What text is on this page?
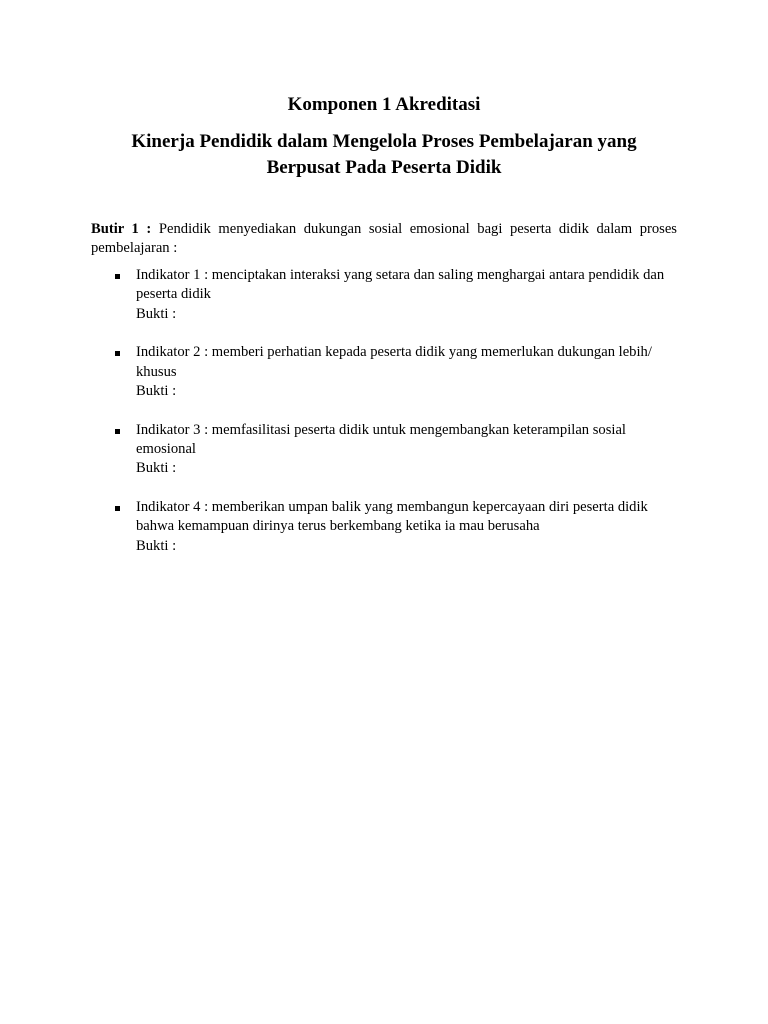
Komponen 1 Akreditasi
Kinerja Pendidik dalam Mengelola Proses Pembelajaran yang
Berpusat Pada Peserta Didik

Butir 1 : Pendidik menyediakan dukungan sosial emosional bagi peserta didik dalam proses pembelajaran :

Indikator 1 : menciptakan interaksi yang setara dan saling menghargai antara pendidik dan peserta didik
Bukti :
Indikator 2 : memberi perhatian kepada peserta didik yang memerlukan dukungan lebih/ khusus
Bukti :
Indikator 3 : memfasilitasi peserta didik untuk mengembangkan keterampilan sosial emosional
Bukti :
Indikator 4 : memberikan umpan balik yang membangun kepercayaan diri peserta didik bahwa kemampuan dirinya terus berkembang ketika ia mau berusaha
Bukti :
